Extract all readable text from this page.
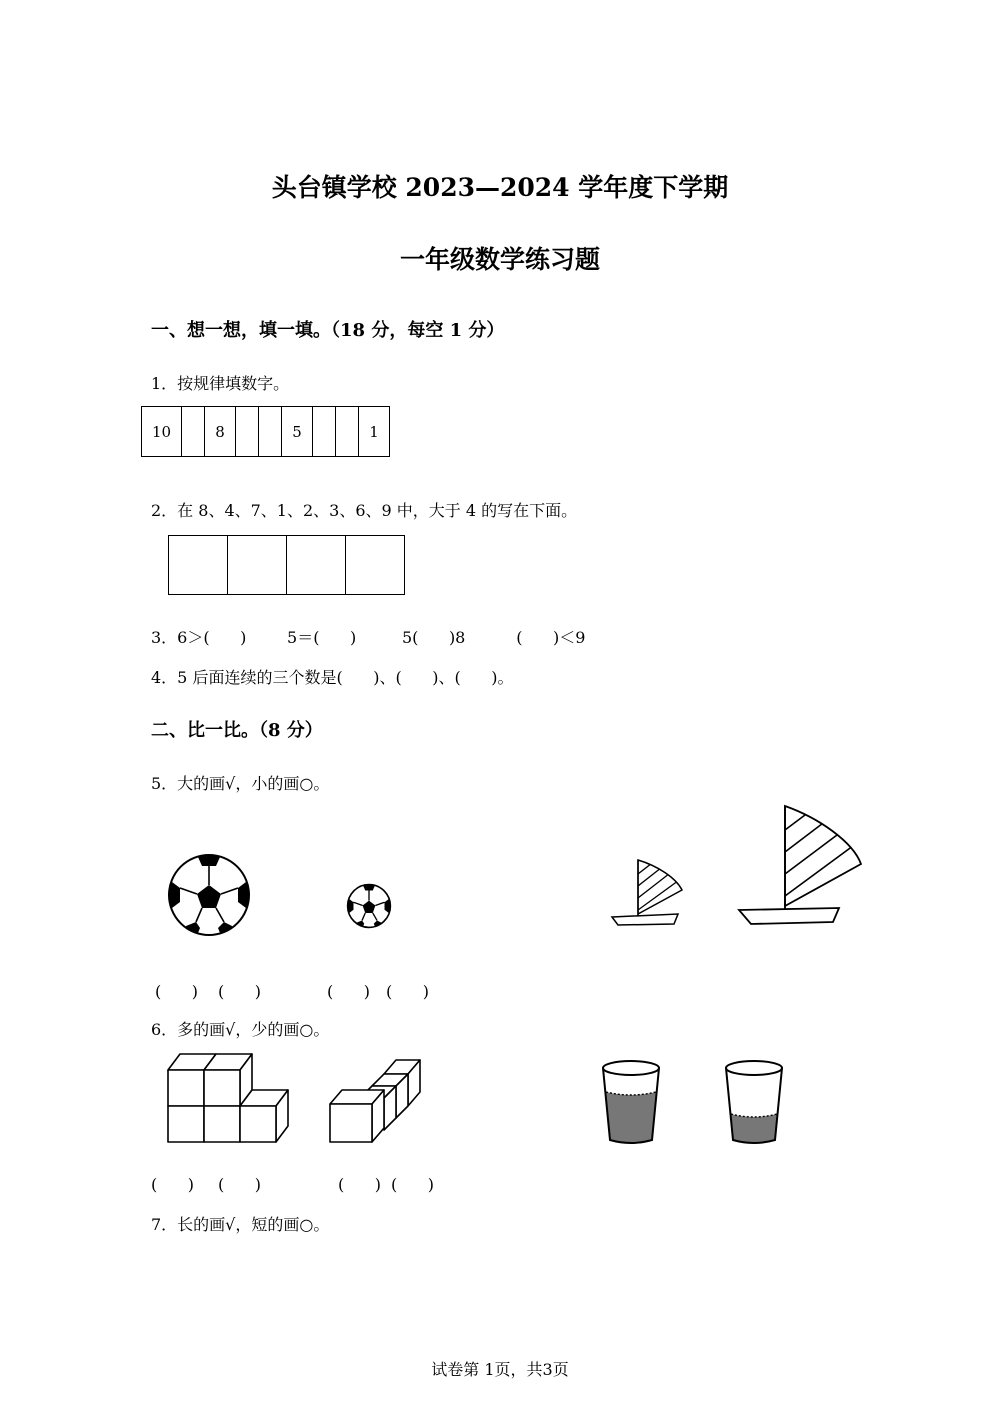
头台镇学校 2023—2024 学年度下学期
一年级数学练习题
一、想一想，填一填。（18 分，每空 1 分）
1．按规律填数字。
10		8			5			1
2．在 8、4、7、1、2、3、6、9 中，大于 4 的写在下面。
3．6＞(      )        5＝(      )         5(      )8          (      )＜9
4．5 后面连续的三个数是(      )、(      )、(      )。
二、比一比。（8 分）
5．大的画√，小的画○。
(      ) (      )	(      ) (      )
6．多的画√，少的画○。
(      ) (      )	(      ) (      )
7．长的画√，短的画○。
试卷第 1页，共3页
